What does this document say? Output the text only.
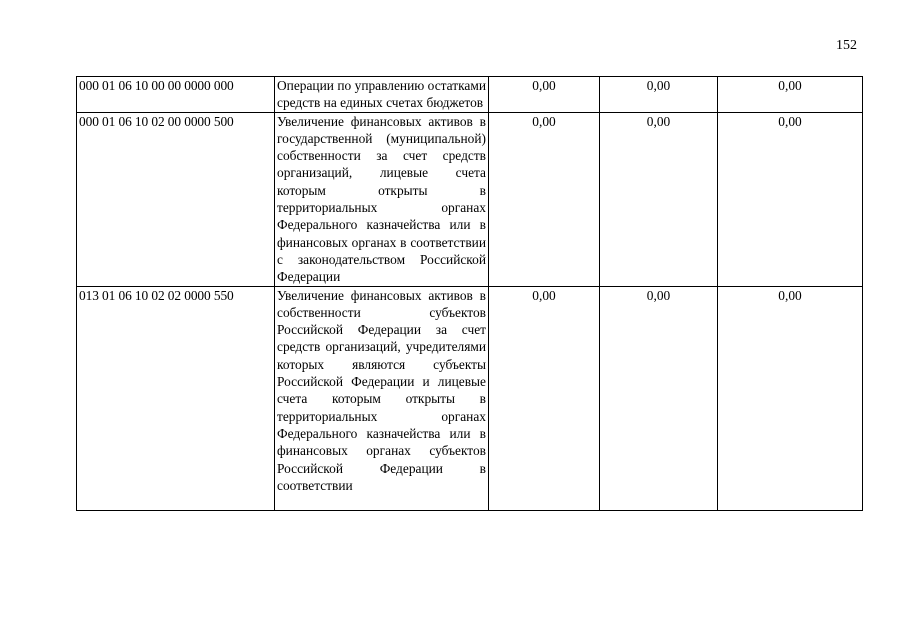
152
000 01 06 10 00 00 0000 000	Операции по управлению остатками средств на единых счетах бюджетов	0,00	0,00	0,00
000 01 06 10 02 00 0000 500	Увеличение финансовых активов в государственной (муниципальной) собственности за счет средств организаций, лицевые счета которым открыты в территориальных органах Федерального казначейства или в финансовых органах в соответствии с законодательством Российской Федерации	0,00	0,00	0,00
013 01 06 10 02 02 0000 550	Увеличение финансовых активов в собственности субъектов Российской Федерации за счет средств организаций, учредителями которых являются субъекты Российской Федерации и лицевые счета которым открыты в территориальных органах Федерального казначейства или в финансовых органах субъектов Российской Федерации в соответствии	0,00	0,00	0,00
